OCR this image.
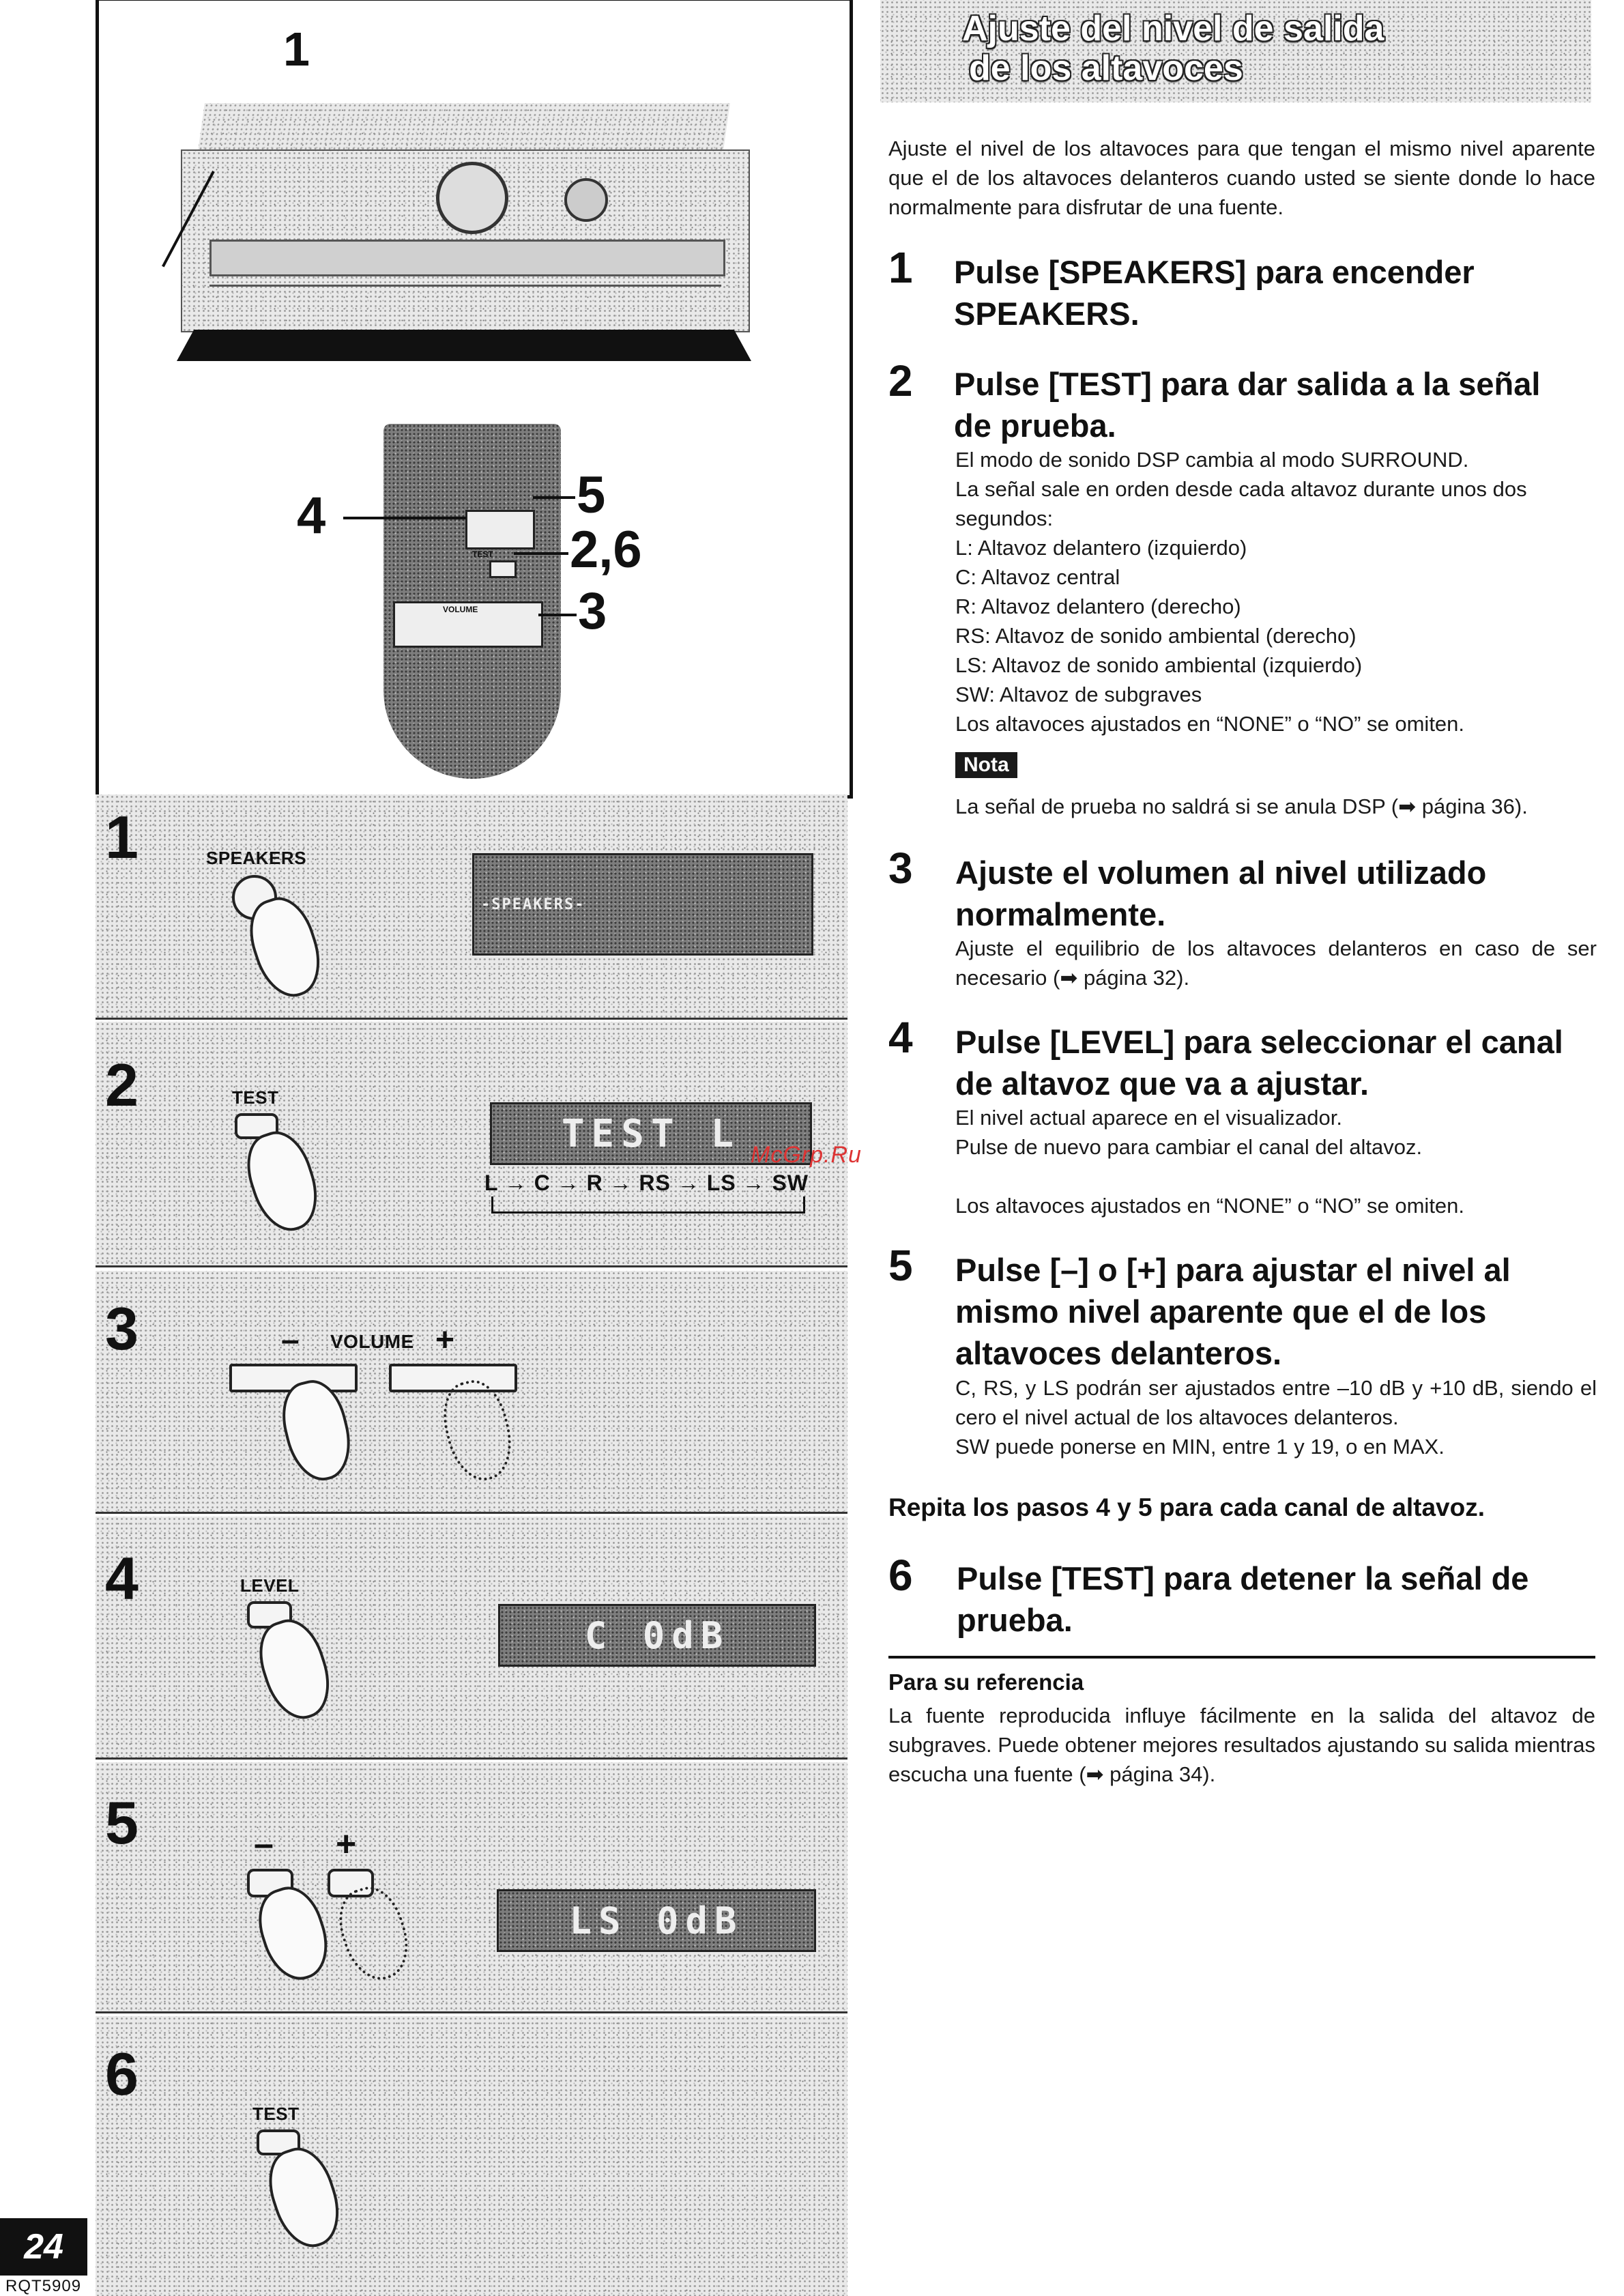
Ajuste del nivel de salida
de los altavoces
Ajuste el nivel de los altavoces para que tengan el mismo nivel aparente que el de los altavoces delanteros cuando usted se siente donde lo hace normalmente para disfrutar de una fuente.
1 Pulse [SPEAKERS] para encender SPEAKERS.
2 Pulse [TEST] para dar salida a la señal de prueba.
El modo de sonido DSP cambia al modo SURROUND.
La señal sale en orden desde cada altavoz durante unos dos segundos:
L: Altavoz delantero (izquierdo)
C: Altavoz central
R: Altavoz delantero (derecho)
RS: Altavoz de sonido ambiental (derecho)
LS: Altavoz de sonido ambiental (izquierdo)
SW: Altavoz de subgraves
Los altavoces ajustados en “NONE” o “NO” se omiten.
Nota
La señal de prueba no saldrá si se anula DSP (➡ página 36).
3 Ajuste el volumen al nivel utilizado normalmente.
Ajuste el equilibrio de los altavoces delanteros en caso de ser necesario (➡ página 32).
4 Pulse [LEVEL] para seleccionar el canal de altavoz que va a ajustar.
El nivel actual aparece en el visualizador.
Pulse de nuevo para cambiar el canal del altavoz.
Los altavoces ajustados en “NONE” o “NO” se omiten.
5 Pulse [–] o [+] para ajustar el nivel al mismo nivel aparente que el de los altavoces delanteros.
C, RS, y LS podrán ser ajustados entre –10 dB y +10 dB, siendo el cero el nivel actual de los altavoces delanteros.
SW puede ponerse en MIN, entre 1 y 19, o en MAX.
Repita los pasos 4 y 5 para cada canal de altavoz.
6 Pulse [TEST] para detener la señal de prueba.
Para su referencia
La fuente reproducida influye fácilmente en la salida del altavoz de subgraves. Puede obtener mejores resultados ajustando su salida mientras escucha una fuente (➡ página 34).
1
TEST
VOLUME
4	5
2,6
3
1	SPEAKERS
-SPEAKERS-
2	TEST
TEST L McGrp.Ru
L → C → R → RS → LS → SW
3	– VOLUME +
4	LEVEL
C 0dB
5	– +
LS 0dB
6
TEST
24
RQT5909
